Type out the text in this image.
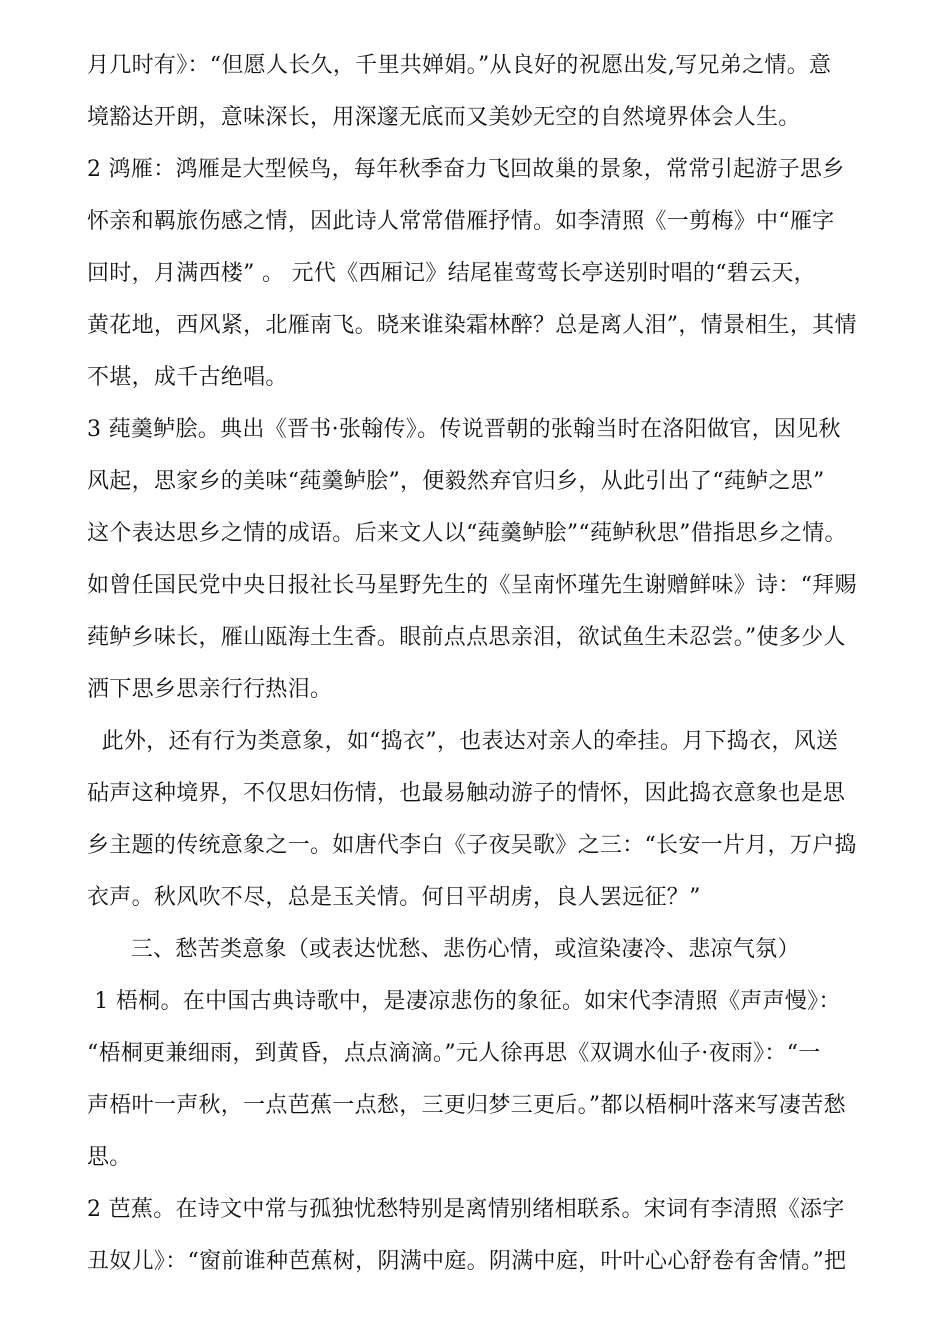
月几时有》：“但愿人长久，千里共婵娟。”从良好的祝愿出发,写兄弟之情。意
境豁达开朗，意味深长，用深邃无底而又美妙无空的自然境界体会人生。
2 鸿雁：鸿雁是大型候鸟，每年秋季奋力飞回故巢的景象，常常引起游子思乡
怀亲和羁旅伤感之情，因此诗人常常借雁抒情。如李清照《一剪梅》中“雁字
回时，月满西楼” 。 元代《西厢记》结尾崔莺莺长亭送别时唱的“碧云天，
黄花地，西风紧，北雁南飞。晓来谁染霜林醉？总是离人泪”，情景相生，其情
不堪，成千古绝唱。
3 莼羹鲈脍。典出《晋书·张翰传》。传说晋朝的张翰当时在洛阳做官，因见秋
风起，思家乡的美味“莼羹鲈脍”，便毅然弃官归乡，从此引出了“莼鲈之思”
这个表达思乡之情的成语。后来文人以“莼羹鲈脍”“莼鲈秋思”借指思乡之情。
如曾任国民党中央日报社长马星野先生的《呈南怀瑾先生谢赠鲜味》诗：“拜赐
莼鲈乡味长，雁山瓯海土生香。眼前点点思亲泪，欲试鱼生未忍尝。”使多少人
洒下思乡思亲行行热泪。
此外，还有行为类意象，如“捣衣”，也表达对亲人的牵挂。月下捣衣，风送
砧声这种境界，不仅思妇伤情，也最易触动游子的情怀，因此捣衣意象也是思
乡主题的传统意象之一。如唐代李白《子夜吴歌》之三：“长安一片月，万户捣
衣声。秋风吹不尽，总是玉关情。何日平胡虏，良人罢远征？”
三、愁苦类意象（或表达忧愁、悲伤心情，或渲染凄冷、悲凉气氛）
1 梧桐。在中国古典诗歌中，是凄凉悲伤的象征。如宋代李清照《声声慢》：
“梧桐更兼细雨，到黄昏，点点滴滴。”元人徐再思《双调水仙子·夜雨》：“一
声梧叶一声秋，一点芭蕉一点愁，三更归梦三更后。”都以梧桐叶落来写凄苦愁
思。
2 芭蕉。在诗文中常与孤独忧愁特别是离情别绪相联系。宋词有李清照《添字
丑奴儿》：“窗前谁种芭蕉树，阴满中庭。阴满中庭，叶叶心心舒卷有舍情。”把
